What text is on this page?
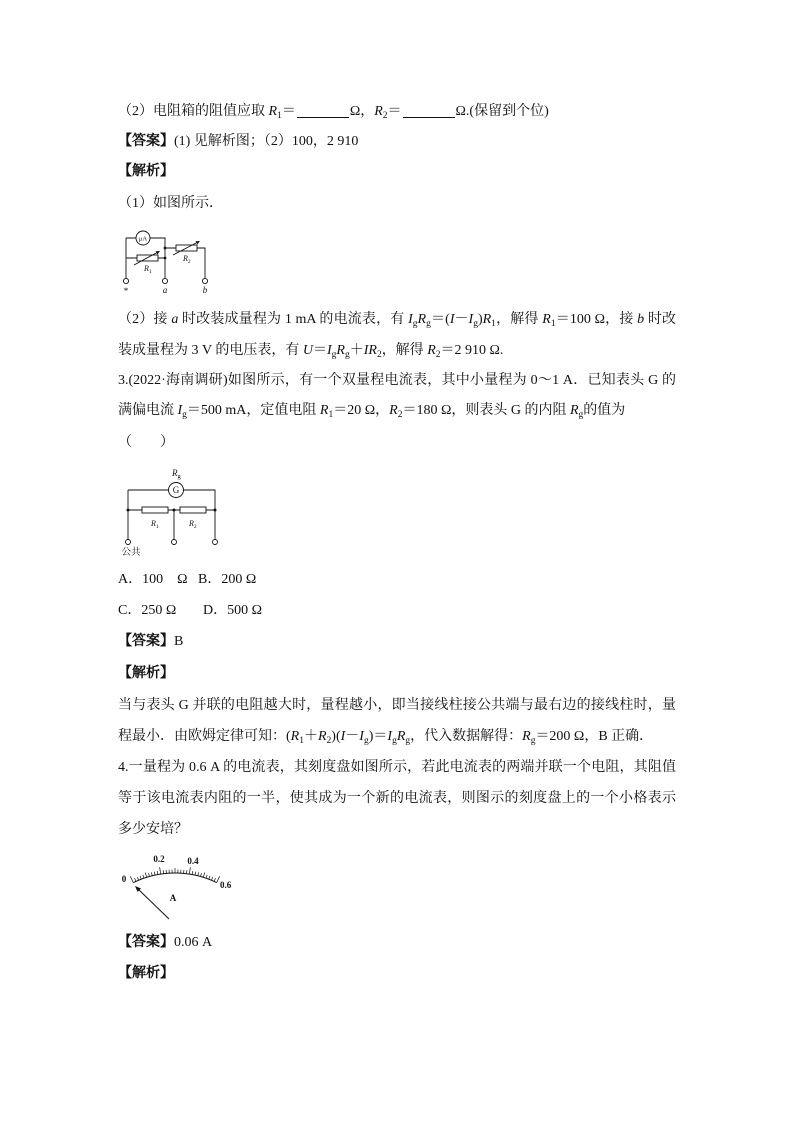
（2）电阻箱的阻值应取 $R_1=$	Ω，$R_2=$	Ω.(保留到个位)
【答案】(1) 见解析图；（2）100，2 910
【解析】
（1）如图所示．
μA
$R_1$
$R_2$
*	a	b
（2）接 a 时改装成量程为 1 mA 的电流表，有 $I_gR_g=(I-I_g)R_1$，解得 $R_1=100$ Ω，接 b 时改
装成量程为 3 V 的电压表，有 $U=I_gR_g+IR_2$，解得 $R_2=2$ 910 Ω.
3.(2022·海南调研)如图所示，有一个双量程电流表，其中小量程为 0～1 A．已知表头 G 的
满偏电流 $I_g=500$ mA，定值电阻 $R_1=20$ Ω，$R_2=180$ Ω，则表头 G 的内阻 $R_g$的值为
（　　）
$R_g$
G
$R_1$	$R_2$
公共
A．100　Ω B．200 Ω
C．250 Ω D．500 Ω
【答案】B
【解析】
当与表头 G 并联的电阻越大时，量程越小，即当接线柱接公共端与最右边的接线柱时，量
程最小．由欧姆定律可知：$(R_1+R_2)(I-I_g)=I_gR_g$，代入数据解得：$R_g=200$ Ω，B 正确．
4.一量程为 0.6 A 的电流表，其刻度盘如图所示，若此电流表的两端并联一个电阻，其阻值
等于该电流表内阻的一半，使其成为一个新的电流表，则图示的刻度盘上的一个小格表示
多少安培？
0
0.2	0.4
0.6
A
【答案】0.06 A
【解析】
